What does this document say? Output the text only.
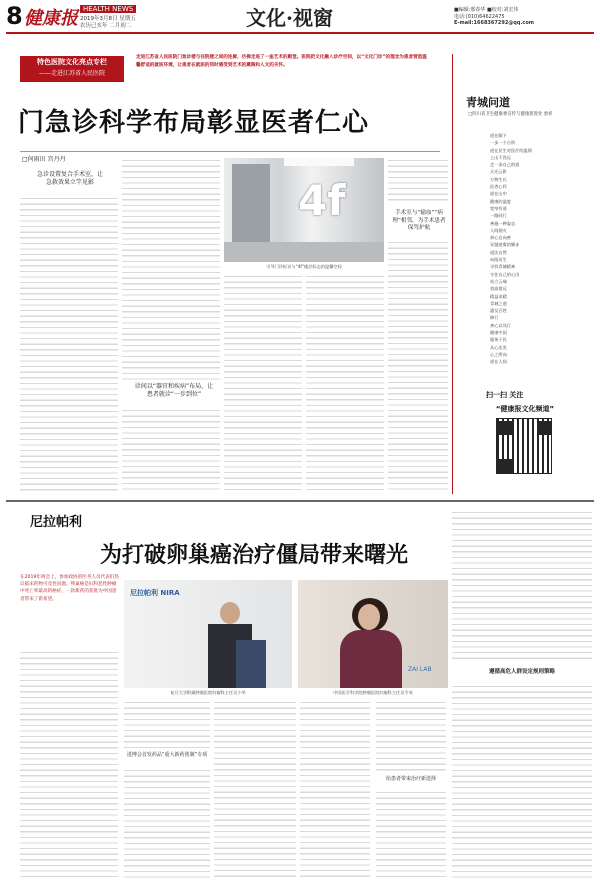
8 健康报 HEALTH NEWS
2019年3月8日 星期五
农历己亥年 二月初二	文化·视窗	■编辑:邢春华 ■校对:刘宏伟
电话:(010)64622475
E-mail:1668367292@qq.com
特色医院文化亮点专栏
——走进江苏省人民医院
走进江苏省人民医院门急诊楼与住院楼之间的连廊，仿佛走进了一座艺术的殿堂。医院把文化融入诊疗空间，以“文化门诊”的理念为患者营造温馨舒适的就医环境，让患者在就医的同时感受到艺术的熏陶和人文的关怀。
门急诊科学布局彰显医者仁心
□何雨田 宫丹丹
急诊设置复合手术室，让急救效果立竿见影
诊间以“器官和疾病”布局，让患者就诊“一步到位”
4f
引导门诊标识与“4f”楼层标志的温馨空间
手术室与“输血”“病理”相邻，为手术患者保驾护航
青城问道
□四川省卫生健康委宣传与健康促进处 詹祥
道在脚下
一步一个台阶
道在民生对医疗的温情
上山不畏远
走一条自己的道
天光云影
万物生长
医者心怀
道在山中
健康的温度
宽窄有道
一路同行
善施一种姿态
人间烟火
初心自向善
穿越迷雾的脚步
道法自然
向阳而生
寻找青城精神
守住自己的心田
站立云端
登高望远
精益求精
青城之道
惠及百姓
修行
善心以笃行
健康中国
服务于民
从心出发
心之所向
道在人间
扫一扫 关注
“健康报文化频道”
尼拉帕利
为打破卵巢癌治疗僵局带来曙光
在2019年两会上，参加政协的医务人员代表们热议临床药物可及性问题。卵巢癌是妇科恶性肿瘤中死亡率最高的癌症，一款新药的获批为中国患者带来了新希望。
尼拉帕利 NIRA
复旦大学附属肿瘤医院妇瘤科主任吴小华
ZAI LAB
中国医学科学院肿瘤医院妇瘤科主任吴令英
进博会首发药品“重大新药创制”专项
给患者带来治疗新选择
遵循高危人群设定规则策略
